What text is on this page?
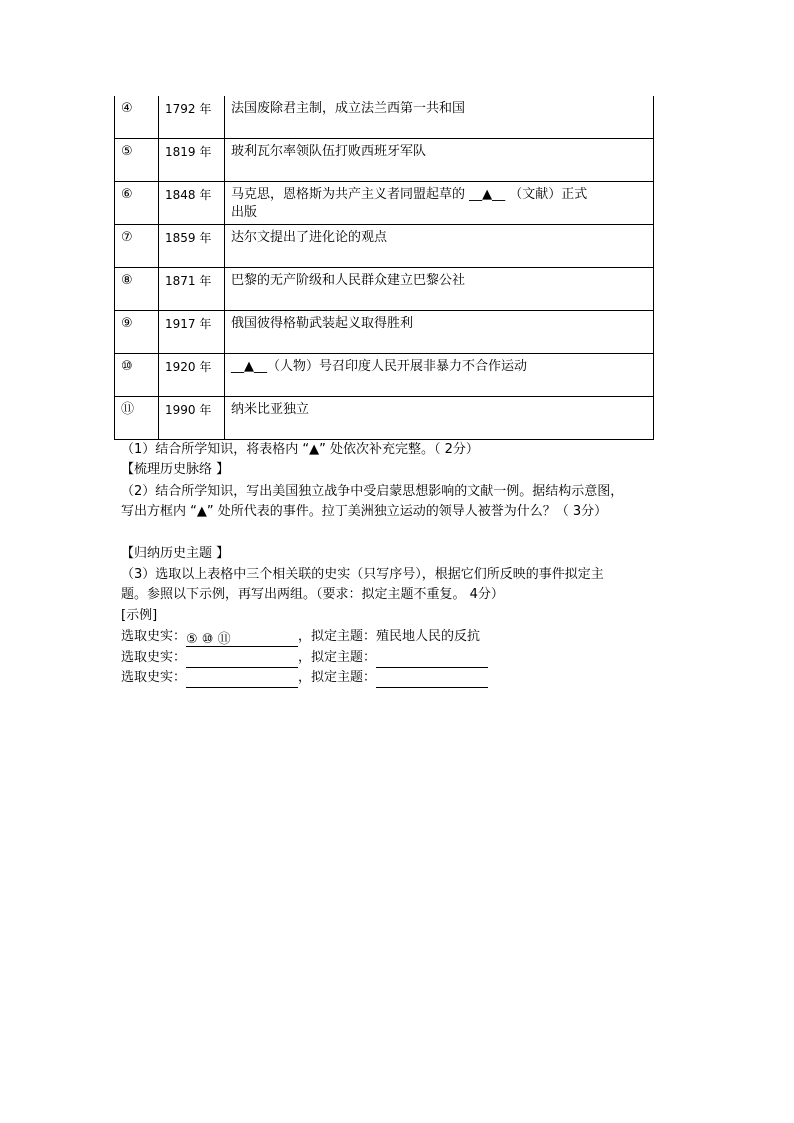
④	1792 年	法国废除君主制，成立法兰西第一共和国
⑤	1819 年	玻利瓦尔率领队伍打败西班牙军队
⑥	1848 年	马克思，恩格斯为共产主义者同盟起草的 __▲__ （文献）正式
出版
⑦	1859 年	达尔文提出了进化论的观点
⑧	1871 年	巴黎的无产阶级和人民群众建立巴黎公社
⑨	1917 年	俄国彼得格勒武装起义取得胜利
⑩	1920 年	__▲__（人物）号召印度人民开展非暴力不合作运动
⑪	1990 年	纳米比亚独立
（1）结合所学知识，将表格内 “▲” 处依次补充完整。（ 2分）
【梳理历史脉络 】
（2）结合所学知识，写出美国独立战争中受启蒙思想影响的文献一例。据结构示意图，
写出方框内 “▲” 处所代表的事件。拉丁美洲独立运动的领导人被誉为什么？（ 3分）
【归纳历史主题 】
（3）选取以上表格中三个相关联的史实（只写序号），根据它们所反映的事件拟定主
题。参照以下示例，再写出两组。（要求：拟定主题不重复。 4分）
[示例]
选取史实：⑤ ⑩ ⑪	，拟定主题：殖民地人民的反抗
选取史实：	，拟定主题：
选取史实：	，拟定主题：
